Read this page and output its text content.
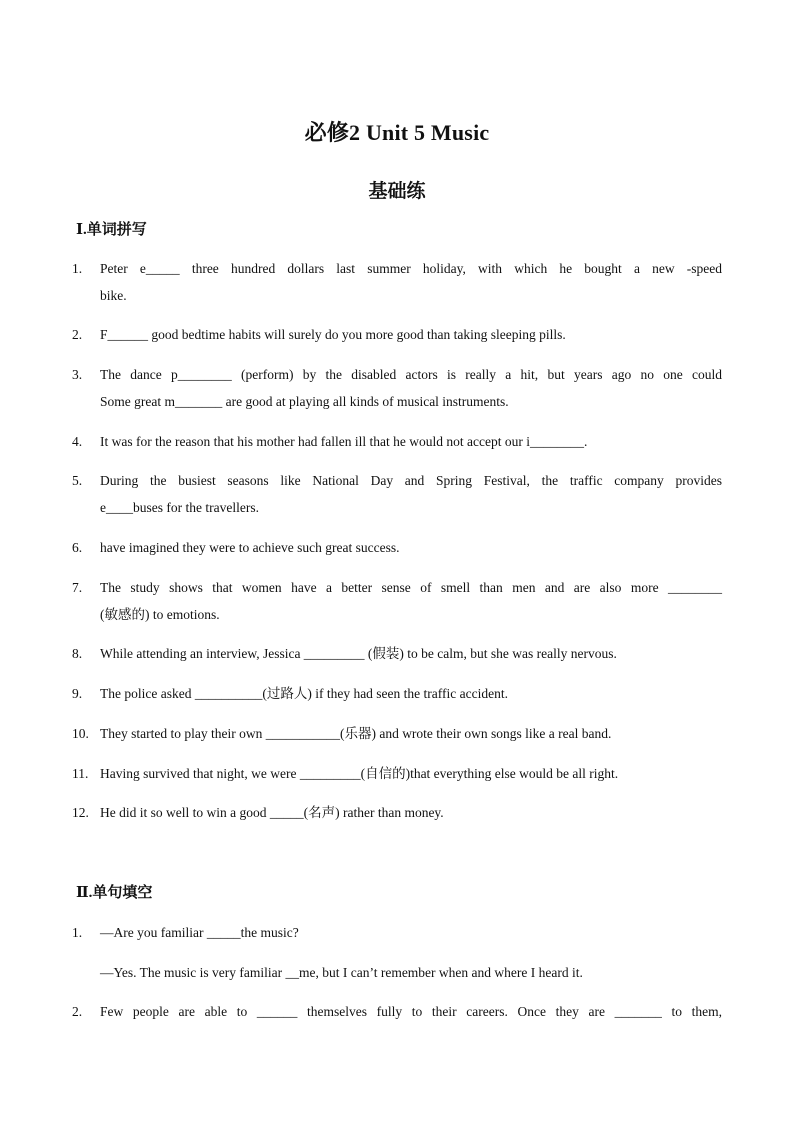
必修2 Unit 5 Music
基础练
Ⅰ.单词拼写
1.	Peter e_____ three hundred dollars last summer holiday, with which he bought a new -speed
bike.
2.	F______ good bedtime habits will surely do you more good than taking sleeping pills.
3.	The dance p________ (perform) by the disabled actors is really a hit, but years ago no one could
Some great m_______ are good at playing all kinds of musical instruments.
4.	It was for the reason that his mother had fallen ill that he would not accept our i________.
5.	During the busiest seasons like National Day and Spring Festival, the traffic company provides
e____buses for the travellers.
6.	have imagined they were to achieve such great success.
7.	The study shows that women have a better sense of smell than men and are also more ________
(敏感的) to emotions.
8.	While attending an interview, Jessica _________ (假装) to be calm, but she was really nervous.
9.	The police asked __________(过路人) if they had seen the traffic accident.
10. They started to play their own ___________(乐器) and wrote their own songs like a real band.
11. Having survived that night, we were _________(自信的)that everything else would be all right.
12. He did it so well to win a good _____(名声) rather than money.
Ⅱ.单句填空
1.	—Are you familiar _____the music?
—Yes. The music is very familiar __me, but I can’t remember when and where I heard it.
2.	Few people are able to ______ themselves fully to their careers. Once they are _______ to them,
